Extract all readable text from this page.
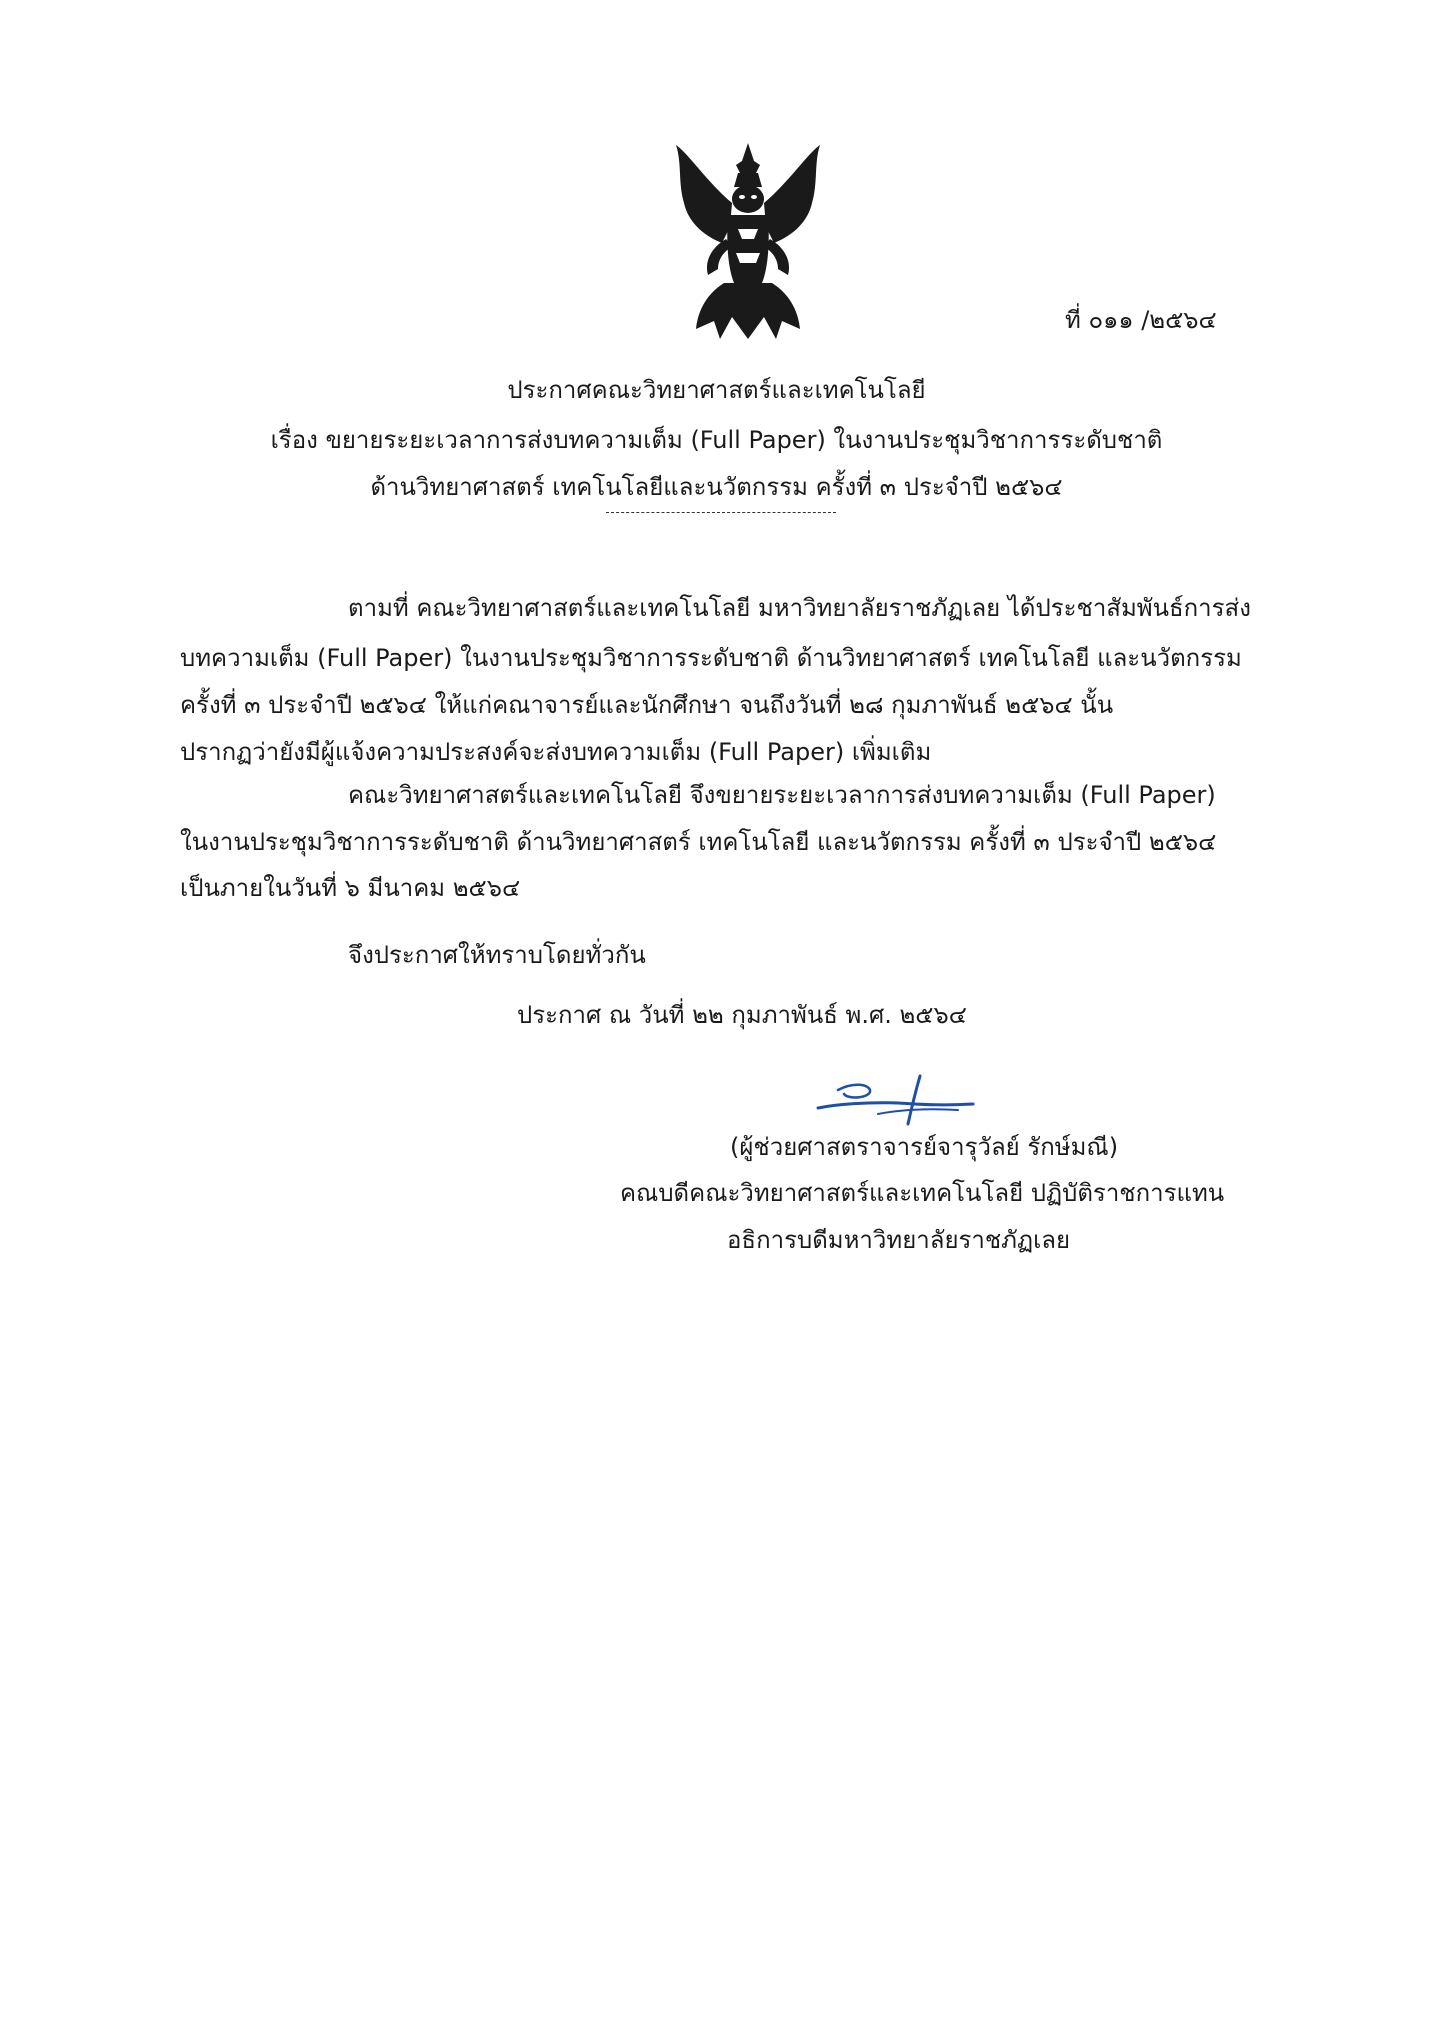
ที่ ๐๑๑ /๒๕๖๔
ประกาศคณะวิทยาศาสตร์และเทคโนโลยี
เรื่อง ขยายระยะเวลาการส่งบทความเต็ม (Full Paper) ในงานประชุมวิชาการระดับชาติ
ด้านวิทยาศาสตร์ เทคโนโลยีและนวัตกรรม ครั้งที่ ๓ ประจำปี ๒๕๖๔
ตามที่ คณะวิทยาศาสตร์และเทคโนโลยี มหาวิทยาลัยราชภัฏเลย ได้ประชาสัมพันธ์การส่ง
บทความเต็ม (Full Paper) ในงานประชุมวิชาการระดับชาติ ด้านวิทยาศาสตร์ เทคโนโลยี และนวัตกรรม
ครั้งที่ ๓ ประจำปี ๒๕๖๔ ให้แก่คณาจารย์และนักศึกษา จนถึงวันที่ ๒๘ กุมภาพันธ์ ๒๕๖๔ นั้น
ปรากฏว่ายังมีผู้แจ้งความประสงค์จะส่งบทความเต็ม (Full Paper) เพิ่มเติม
คณะวิทยาศาสตร์และเทคโนโลยี จึงขยายระยะเวลาการส่งบทความเต็ม (Full Paper)
ในงานประชุมวิชาการระดับชาติ ด้านวิทยาศาสตร์ เทคโนโลยี และนวัตกรรม ครั้งที่ ๓ ประจำปี ๒๕๖๔
เป็นภายในวันที่ ๖ มีนาคม ๒๕๖๔
จึงประกาศให้ทราบโดยทั่วกัน
ประกาศ ณ วันที่ ๒๒ กุมภาพันธ์ พ.ศ. ๒๕๖๔
(ผู้ช่วยศาสตราจารย์จารุวัลย์ รักษ์มณี)
คณบดีคณะวิทยาศาสตร์และเทคโนโลยี ปฏิบัติราชการแทน
อธิการบดีมหาวิทยาลัยราชภัฏเลย
